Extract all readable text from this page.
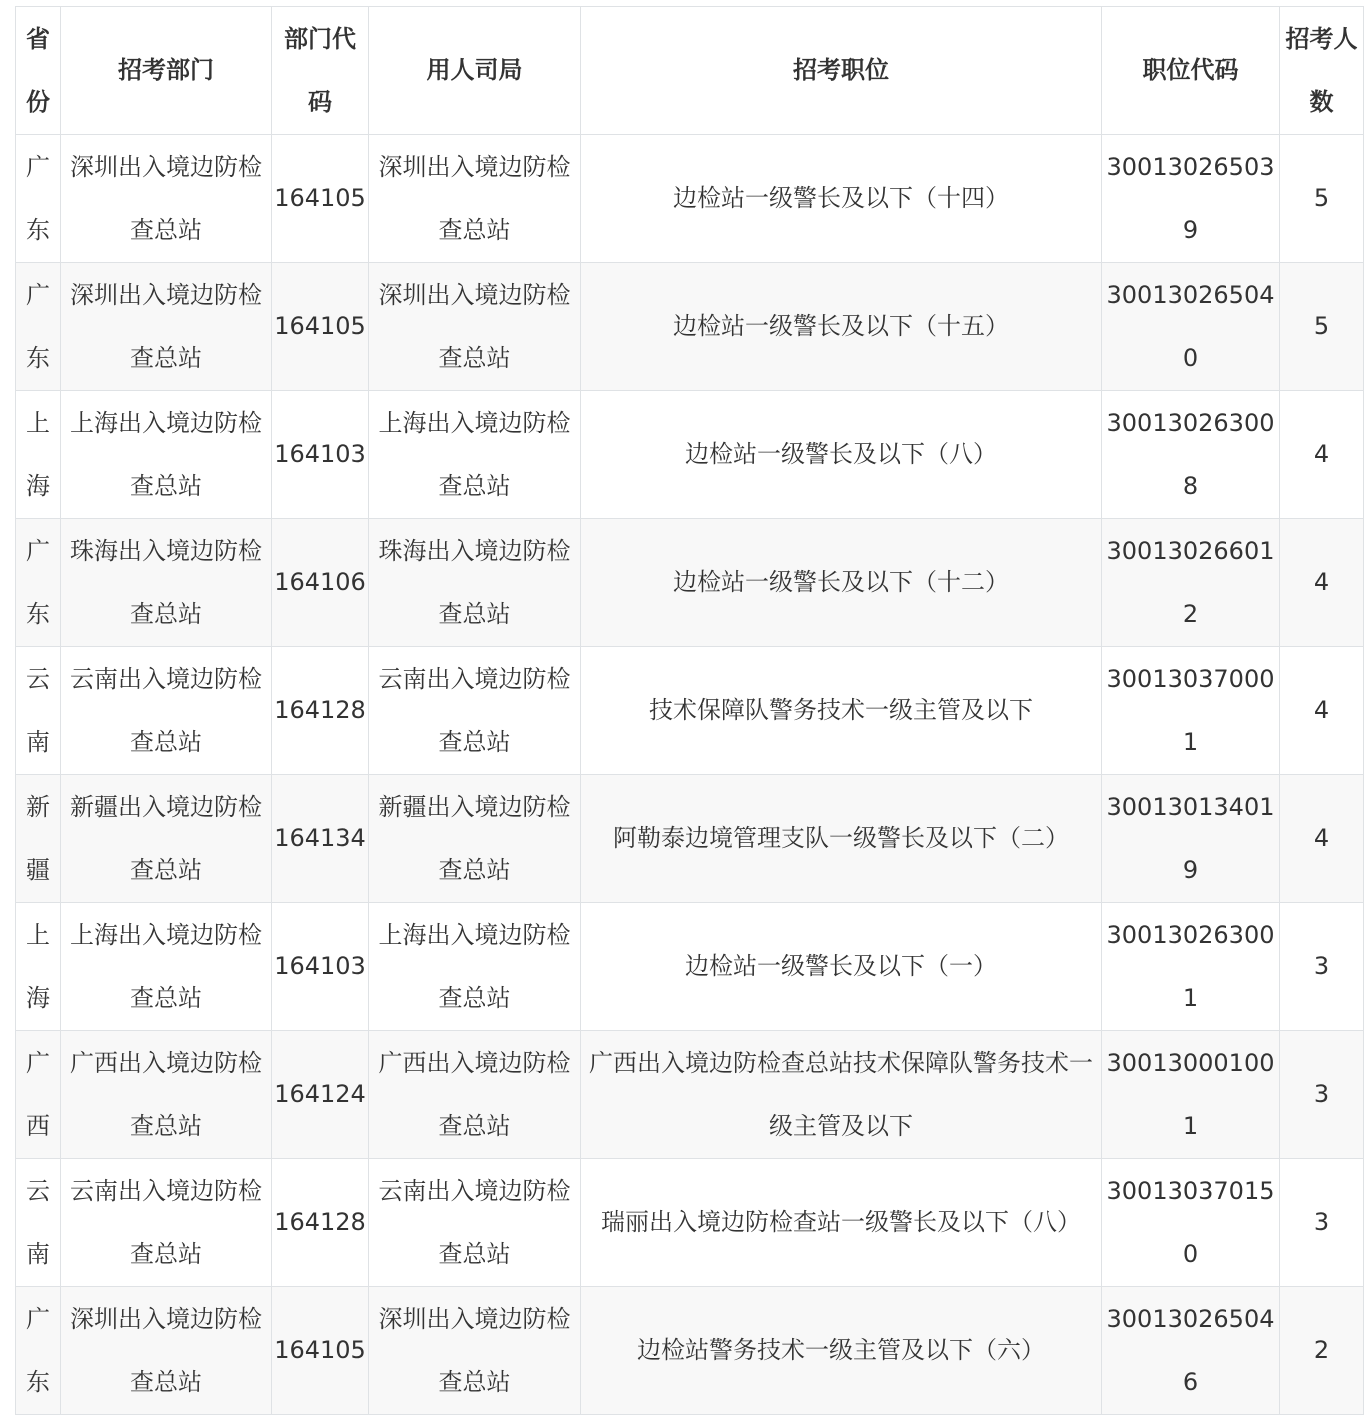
省份	招考部门	部门代码	用人司局	招考职位	职位代码	招考人数
广东	深圳出入境边防检查总站	164105	深圳出入境边防检查总站	边检站一级警长及以下（十四）	300130265039	5
广东	深圳出入境边防检查总站	164105	深圳出入境边防检查总站	边检站一级警长及以下（十五）	300130265040	5
上海	上海出入境边防检查总站	164103	上海出入境边防检查总站	边检站一级警长及以下（八）	300130263008	4
广东	珠海出入境边防检查总站	164106	珠海出入境边防检查总站	边检站一级警长及以下（十二）	300130266012	4
云南	云南出入境边防检查总站	164128	云南出入境边防检查总站	技术保障队警务技术一级主管及以下	300130370001	4
新疆	新疆出入境边防检查总站	164134	新疆出入境边防检查总站	阿勒泰边境管理支队一级警长及以下（二）	300130134019	4
上海	上海出入境边防检查总站	164103	上海出入境边防检查总站	边检站一级警长及以下（一）	300130263001	3
广西	广西出入境边防检查总站	164124	广西出入境边防检查总站	广西出入境边防检查总站技术保障队警务技术一级主管及以下	300130001001	3
云南	云南出入境边防检查总站	164128	云南出入境边防检查总站	瑞丽出入境边防检查站一级警长及以下（八）	300130370150	3
广东	深圳出入境边防检查总站	164105	深圳出入境边防检查总站	边检站警务技术一级主管及以下（六）	300130265046	2
